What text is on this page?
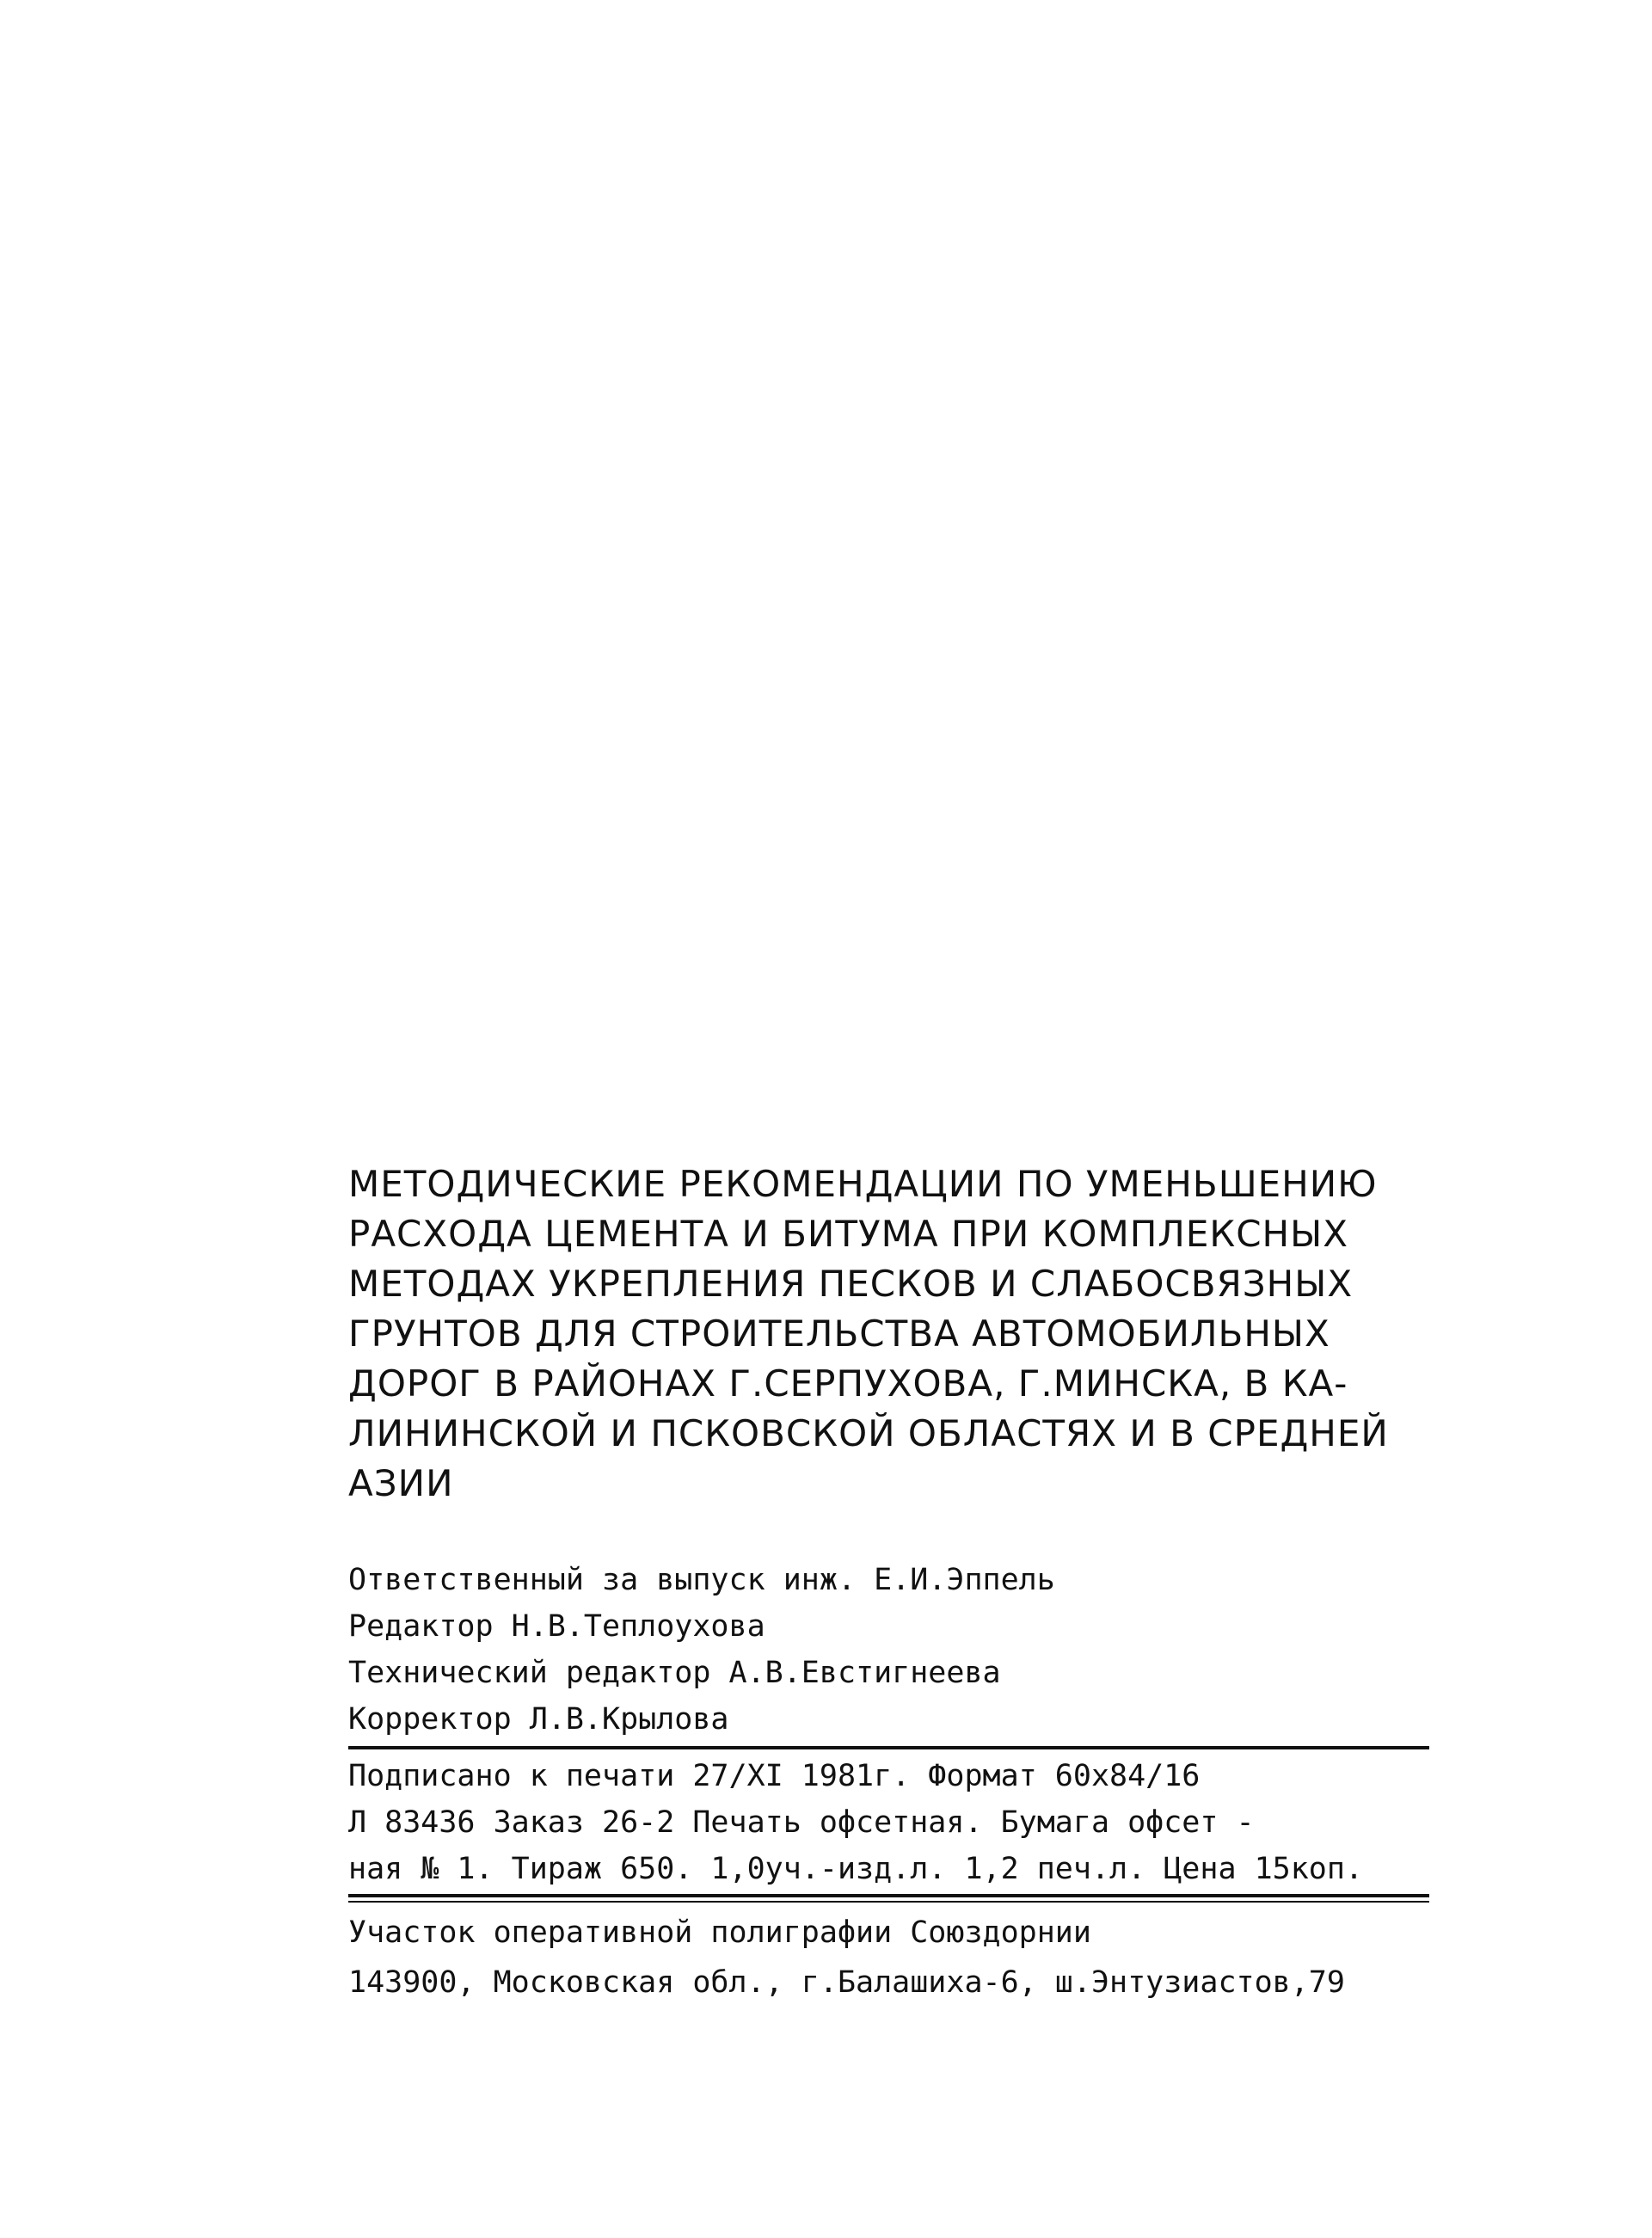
МЕТОДИЧЕСКИЕ РЕКОМЕНДАЦИИ ПО УМЕНЬШЕНИЮ
РАСХОДА ЦЕМЕНТА И БИТУМА ПРИ КОМПЛЕКСНЫХ
МЕТОДАХ УКРЕПЛЕНИЯ ПЕСКОВ И СЛАБОСВЯЗНЫХ
ГРУНТОВ ДЛЯ СТРОИТЕЛЬСТВА АВТОМОБИЛЬНЫХ
ДОРОГ В РАЙОНАХ Г.СЕРПУХОВА, Г.МИНСКА, В КА-
ЛИНИНСКОЙ И ПСКОВСКОЙ ОБЛАСТЯХ И В СРЕДНЕЙ
АЗИИ
Ответственный за выпуск инж. Е.И.Эппель
Редактор Н.В.Теплоухова
Технический редактор А.В.Евстигнеева
Корректор Л.В.Крылова
Подписано к печати 27/XI 1981г. Формат 60х84/16
Л 83436 Заказ 26-2 Печать офсетная. Бумага офсет -
ная № 1. Тираж 650. 1,0уч.-изд.л. 1,2 печ.л. Цена 15коп.
Участок оперативной полиграфии Союздорнии
143900, Московская обл., г.Балашиха-6, ш.Энтузиастов,79
